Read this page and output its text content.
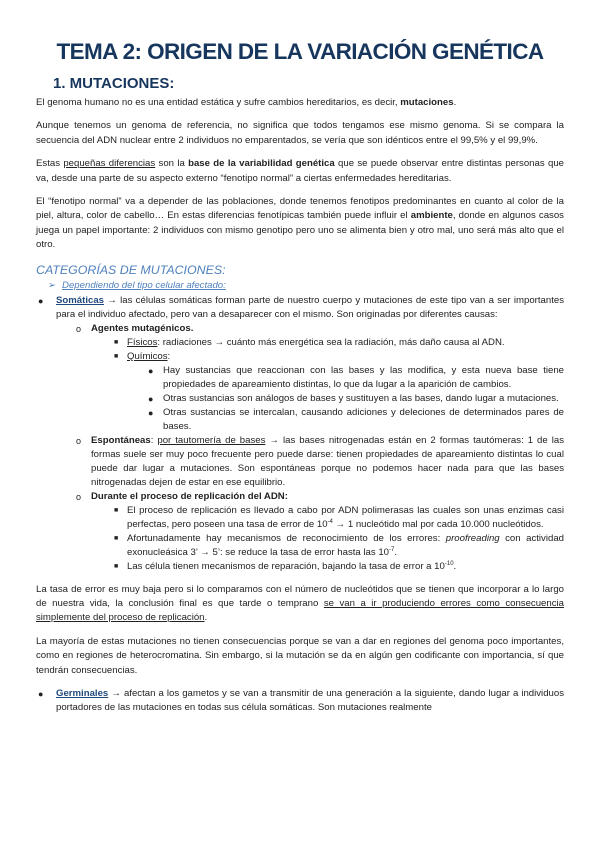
TEMA 2: ORIGEN DE LA VARIACIÓN GENÉTICA
1. MUTACIONES:

El genoma humano no es una entidad estática y sufre cambios hereditarios, es decir, mutaciones.

Aunque tenemos un genoma de referencia, no significa que todos tengamos ese mismo genoma. Si se compara la secuencia del ADN nuclear entre 2 individuos no emparentados, se vería que son idénticos entre el 99,5% y el 99,9%.

Estas pequeñas diferencias son la base de la variabilidad genética que se puede observar entre distintas personas que va, desde una parte de su aspecto externo “fenotipo normal” a ciertas enfermedades hereditarias.

El “fenotipo normal” va a depender de las poblaciones, donde tenemos fenotipos predominantes en cuanto al color de la piel, altura, color de cabello… En estas diferencias fenotípicas también puede influir el ambiente, donde en algunos casos juega un papel importante: 2 individuos con mismo genotipo pero uno se alimenta bien y otro mal, uno será más alto que el otro.

CATEGORÍAS DE MUTACIONES:
➢ Dependiendo del tipo celular afectado:
● Somáticas → las células somáticas forman parte de nuestro cuerpo y mutaciones de este tipo van a ser importantes para el individuo afectado, pero van a desaparecer con el mismo. Son originadas por diferentes causas:
o Agentes mutagénicos.
■ Físicos: radiaciones → cuánto más energética sea la radiación, más daño causa al ADN.
■ Químicos:
● Hay sustancias que reaccionan con las bases y las modifica, y esta nueva base tiene propiedades de apareamiento distintas, lo que da lugar a la aparición de cambios.
● Otras sustancias son análogos de bases y sustituyen a las bases, dando lugar a mutaciones.
● Otras sustancias se intercalan, causando adiciones y deleciones de determinados pares de bases.
o Espontáneas: por tautomería de bases → las bases nitrogenadas están en 2 formas tautómeras: 1 de las formas suele ser muy poco frecuente pero puede darse: tienen propiedades de apareamiento distintas lo cual puede dar lugar a mutaciones. Son espontáneas porque no podemos hacer nada para que las bases nitrogenadas dejen de estar en ese equilibrio.
o Durante el proceso de replicación del ADN:
■ El proceso de replicación es llevado a cabo por ADN polimerasas las cuales son unas enzimas casi perfectas, pero poseen una tasa de error de $10^{-4} \to 1$ nucleótido mal por cada 10.000 nucleótidos.
■ Afortunadamente hay mecanismos de reconocimiento de los errores: proofreading con actividad exonucleásica 3’ → 5’: se reduce la tasa de error hasta las $10^{-7}$.
■ Las célula tienen mecanismos de reparación, bajando la tasa de error a $10^{-10}$.

La tasa de error es muy baja pero si lo comparamos con el número de nucleótidos que se tienen que incorporar a lo largo de nuestra vida, la conclusión final es que tarde o temprano se van a ir produciendo errores como consecuencia simplemente del proceso de replicación.

La mayoría de estas mutaciones no tienen consecuencias porque se van a dar en regiones del genoma poco importantes, como en regiones de heterocromatina. Sin embargo, si la mutación se da en algún gen codificante con importancia, sí que tendrán consecuencias.

● Germinales → afectan a los gametos y se van a transmitir de una generación a la siguiente, dando lugar a individuos portadores de las mutaciones en todas sus célula somáticas. Son mutaciones realmente
